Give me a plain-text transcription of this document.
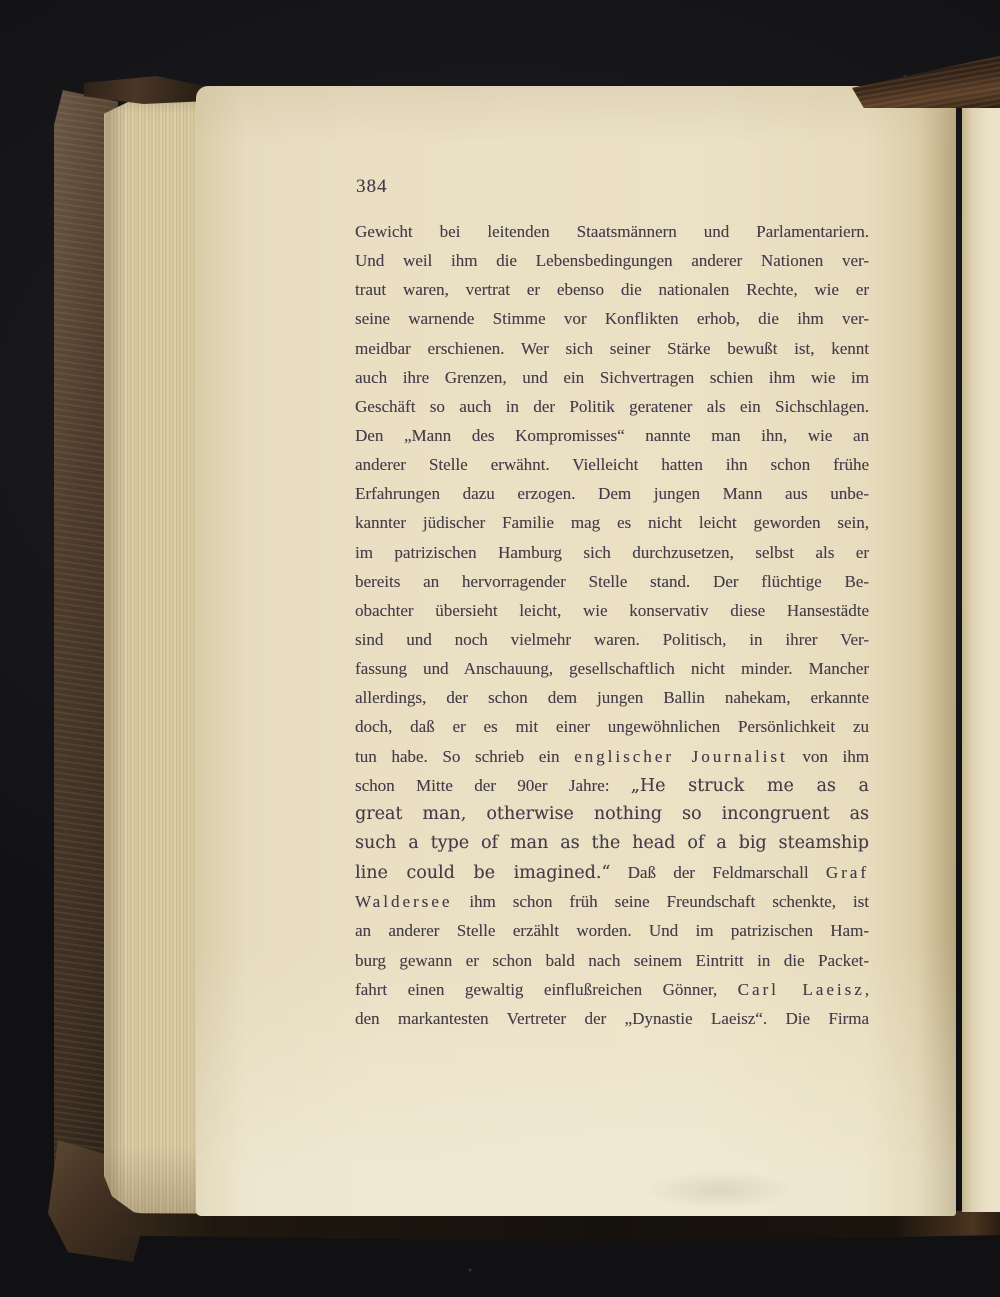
384
Gewicht bei leitenden Staatsmännern und Parlamentariern.
Und weil ihm die Lebensbedingungen anderer Nationen ver-
traut waren, vertrat er ebenso die nationalen Rechte, wie er
seine warnende Stimme vor Konflikten erhob, die ihm ver-
meidbar erschienen. Wer sich seiner Stärke bewußt ist, kennt
auch ihre Grenzen, und ein Sichvertragen schien ihm wie im
Geschäft so auch in der Politik geratener als ein Sichschlagen.
Den „Mann des Kompromisses“ nannte man ihn, wie an
anderer Stelle erwähnt. Vielleicht hatten ihn schon frühe
Erfahrungen dazu erzogen. Dem jungen Mann aus unbe-
kannter jüdischer Familie mag es nicht leicht geworden sein,
im patrizischen Hamburg sich durchzusetzen, selbst als er
bereits an hervorragender Stelle stand. Der flüchtige Be-
obachter übersieht leicht, wie konservativ diese Hansestädte
sind und noch vielmehr waren. Politisch, in ihrer Ver-
fassung und Anschauung, gesellschaftlich nicht minder. Mancher
allerdings, der schon dem jungen Ballin nahekam, erkannte
doch, daß er es mit einer ungewöhnlichen Persönlichkeit zu
tun habe. So schrieb ein englischer Journalist von ihm
schon Mitte der 90er Jahre: „He struck me as a
great man, otherwise nothing so incongruent as
such a type of man as the head of a big steamship
line could be imagined.“ Daß der Feldmarschall Graf
Waldersee ihm schon früh seine Freundschaft schenkte, ist
an anderer Stelle erzählt worden. Und im patrizischen Ham-
burg gewann er schon bald nach seinem Eintritt in die Packet-
fahrt einen gewaltig einflußreichen Gönner, Carl Laeisz,
den markantesten Vertreter der „Dynastie Laeisz“. Die Firma
